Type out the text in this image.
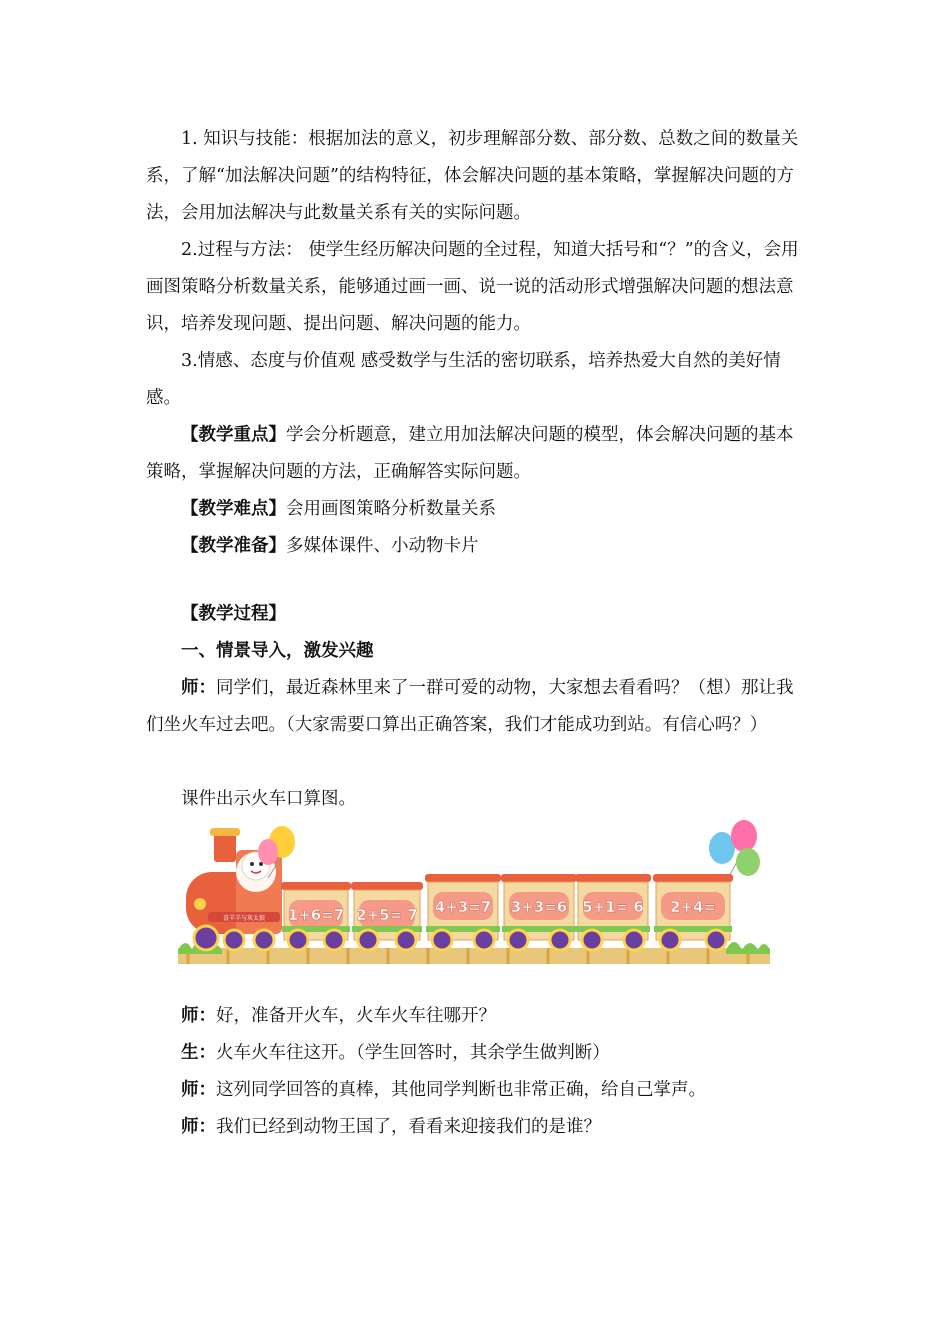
1. 知识与技能：根据加法的意义，初步理解部分数、部分数、总数之间的数量关系，了解“加法解决问题”的结构特征，体会解决问题的基本策略，掌握解决问题的方法，会用加法解决与此数量关系有关的实际问题。

2.过程与方法： 使学生经历解决问题的全过程，知道大括号和“？”的含义，会用画图策略分析数量关系，能够通过画一画、说一说的活动形式增强解决问题的想法意识，培养发现问题、提出问题、解决问题的能力。

3.情感、态度与价值观 感受数学与生活的密切联系，培养热爱大自然的美好情感。

【教学重点】学会分析题意，建立用加法解决问题的模型，体会解决问题的基本策略，掌握解决问题的方法，正确解答实际问题。

【教学难点】会用画图策略分析数量关系
【教学准备】多媒体课件、小动物卡片
【教学过程】
一、情景导入，激发兴趣

师：同学们，最近森林里来了一群可爱的动物，大家想去看看吗？（想）那让我们坐火车过去吧。（大家需要口算出正确答案，我们才能成功到站。有信心吗？）

课件出示火车口算图。
喜羊羊与灰太狼 1+6=7 2+5= 7 4+3=7 3+3=6 5+1= 6 2+4=
师：好，准备开火车，火车火车往哪开？
生：火车火车往这开。（学生回答时，其余学生做判断）
师：这列同学回答的真棒，其他同学判断也非常正确，给自己掌声。
师：我们已经到动物王国了，看看来迎接我们的是谁？
